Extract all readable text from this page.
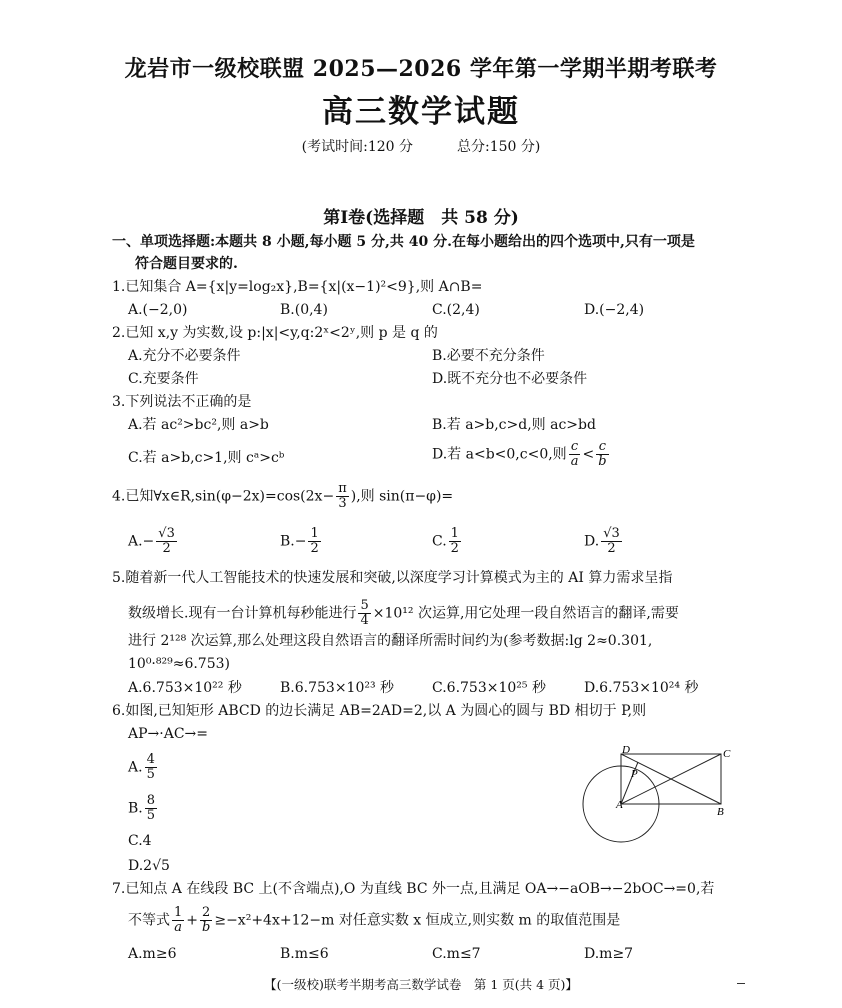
龙岩市一级校联盟 2025—2026 学年第一学期半期考联考
高三数学试题
(考试时间:120 分	总分:150 分)
第Ⅰ卷(选择题　共 58 分)
一、单项选择题:本题共 8 小题,每小题 5 分,共 40 分.在每小题给出的四个选项中,只有一项是
符合题目要求的.
1.已知集合 A={x|y=log₂x},B={x|(x−1)²<9},则 A∩B=
A.(−2,0)	B.(0,4)	C.(2,4)	D.(−2,4)
2.已知 x,y 为实数,设 p:|x|<y,q:2ˣ<2ʸ,则 p 是 q 的
A.充分不必要条件	B.必要不充分条件
C.充要条件	D.既不充分也不必要条件
3.下列说法不正确的是
A.若 ac²>bc²,则 a>b	B.若 a>b,c>d,则 ac>bd
C.若 a>b,c>1,则 cᵃ>cᵇ	D.若 a<b<0,c<0,则 $\frac{c}{a} < \frac{c}{b}$
4.已知∀x∈R,sin(φ−2x)=cos(2x− $\frac{\pi}{3}$ ),则 sin(π−φ)=
$A.- \frac{√3}{2}$	$B.- \frac{1}{2}$	C. $\frac{1}{2}$	D. $\frac{√3}{2}$
5.随着新一代人工智能技术的快速发展和突破,以深度学习计算模式为主的 AI 算力需求呈指
数级增长.现有一台计算机每秒能进行 $\frac{5}{4} \times 10^{12}$ 次运算,用它处理一段自然语言的翻译,需要
进行 2¹²⁸ 次运算,那么处理这段自然语言的翻译所需时间约为(参考数据:lg 2≈0.301,
10⁰·⁸²⁹≈6.753)
A.6.753×10²² 秒	B.6.753×10²³ 秒	C.6.753×10²⁵ 秒	D.6.753×10²⁴ 秒
6.如图,已知矩形 ABCD 的边长满足 AB=2AD=2,以 A 为圆心的圆与 BD 相切于 P,则
AP→·AC→=
A. $\frac{4}{5}$
B. $\frac{8}{5}$
C.4
D.2√5
D	C
P
A
B
7.已知点 A 在线段 BC 上(不含端点),O 为直线 BC 外一点,且满足 OA→−aOB→−2bOC→=0,若
不等式 $\frac{1}{a} + \frac{2}{b} \ge-x^2+4x+12-m$ 对任意实数 x 恒成立,则实数 m 的取值范围是
A.m≥6	B.m≤6	C.m≤7	D.m≥7
【(一级校)联考半期考高三数学试卷　第 1 页(共 4 页)】
